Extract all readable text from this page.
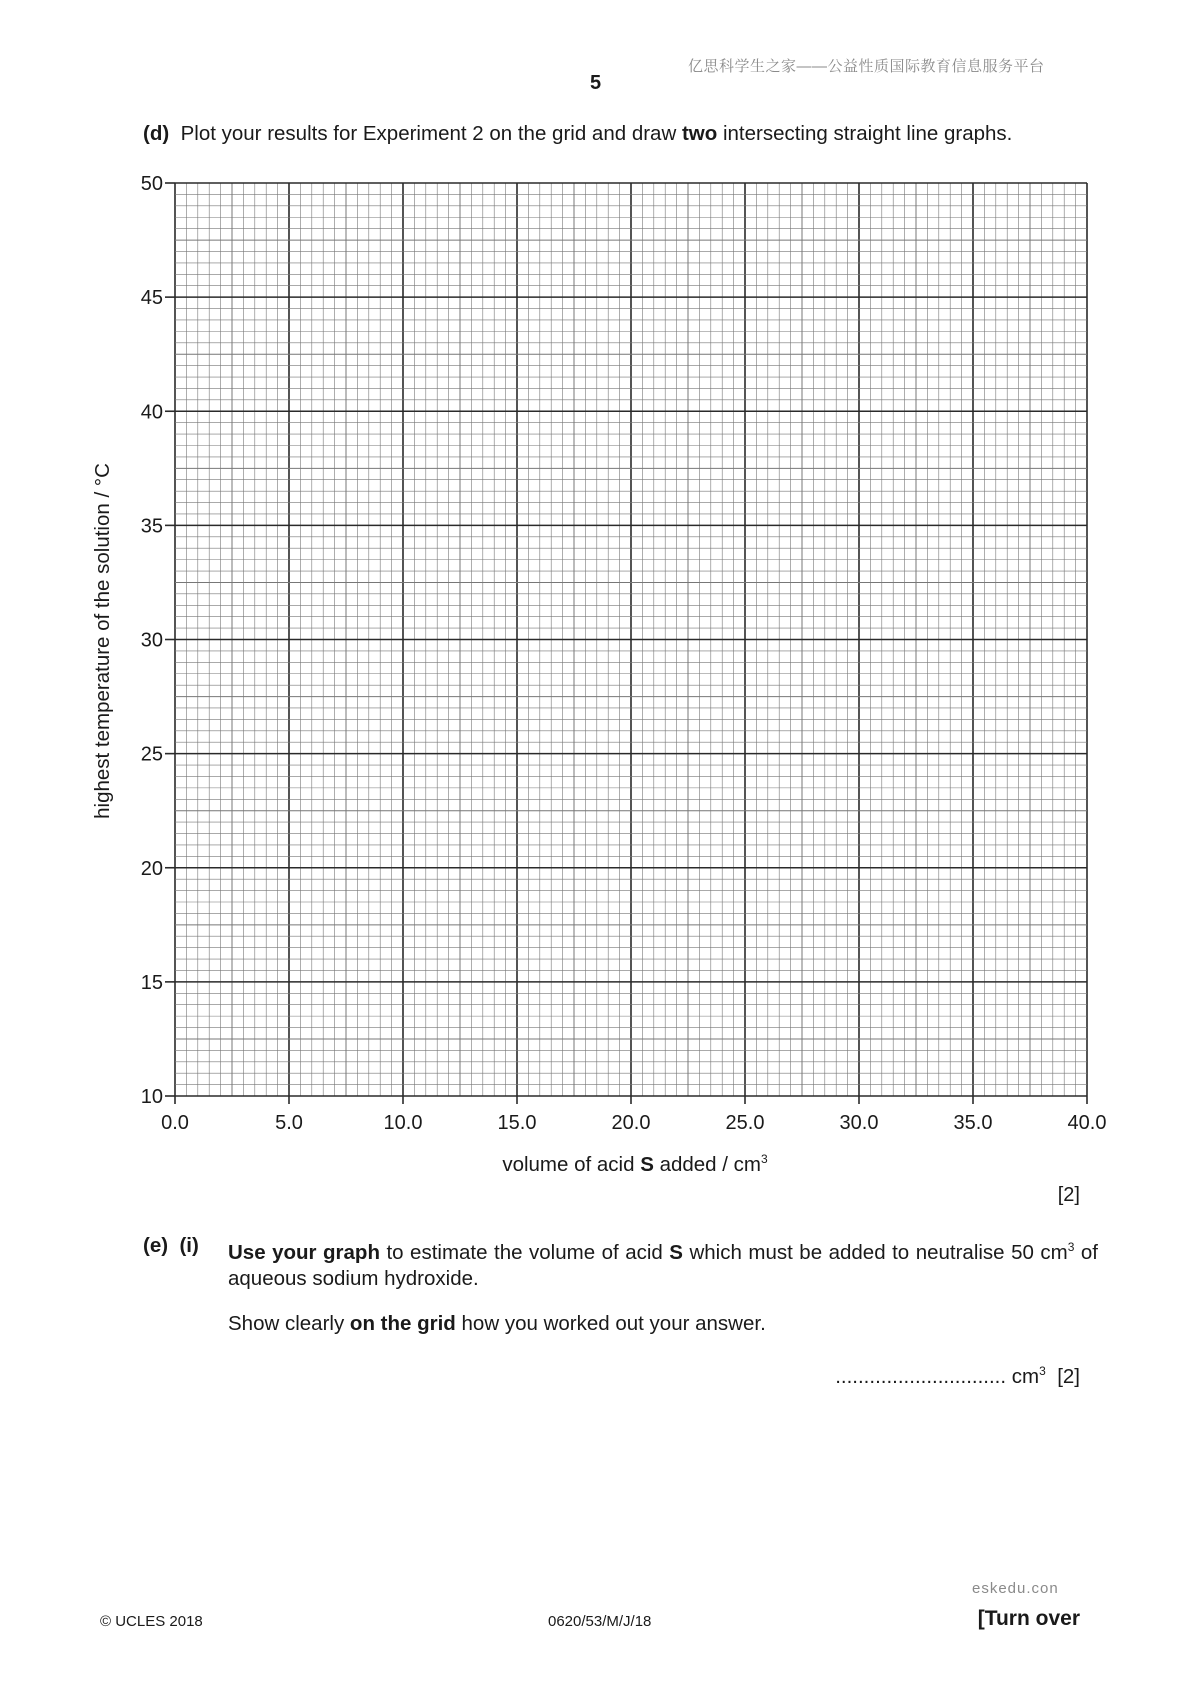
亿思科学生之家——公益性质国际教育信息服务平台
5
(d) Plot your results for Experiment 2 on the grid and draw two intersecting straight line graphs.
10
15
20
25
30
35
40
45
50
0.0	5.0	10.0	15.0	20.0	25.0	30.0	35.0	40.0
highest temperature of the solution / °C
volume of acid S added / $cm^3$
[2]
(e) (i) Use your graph to estimate the volume of acid S which must be added to neutralise 50 $cm^3$ of aqueous sodium hydroxide.
Show clearly on the grid how you worked out your answer.
.............................. $cm^3$ [2]
eskedu.con
© UCLES 2018	0620/53/M/J/18	[Turn over
